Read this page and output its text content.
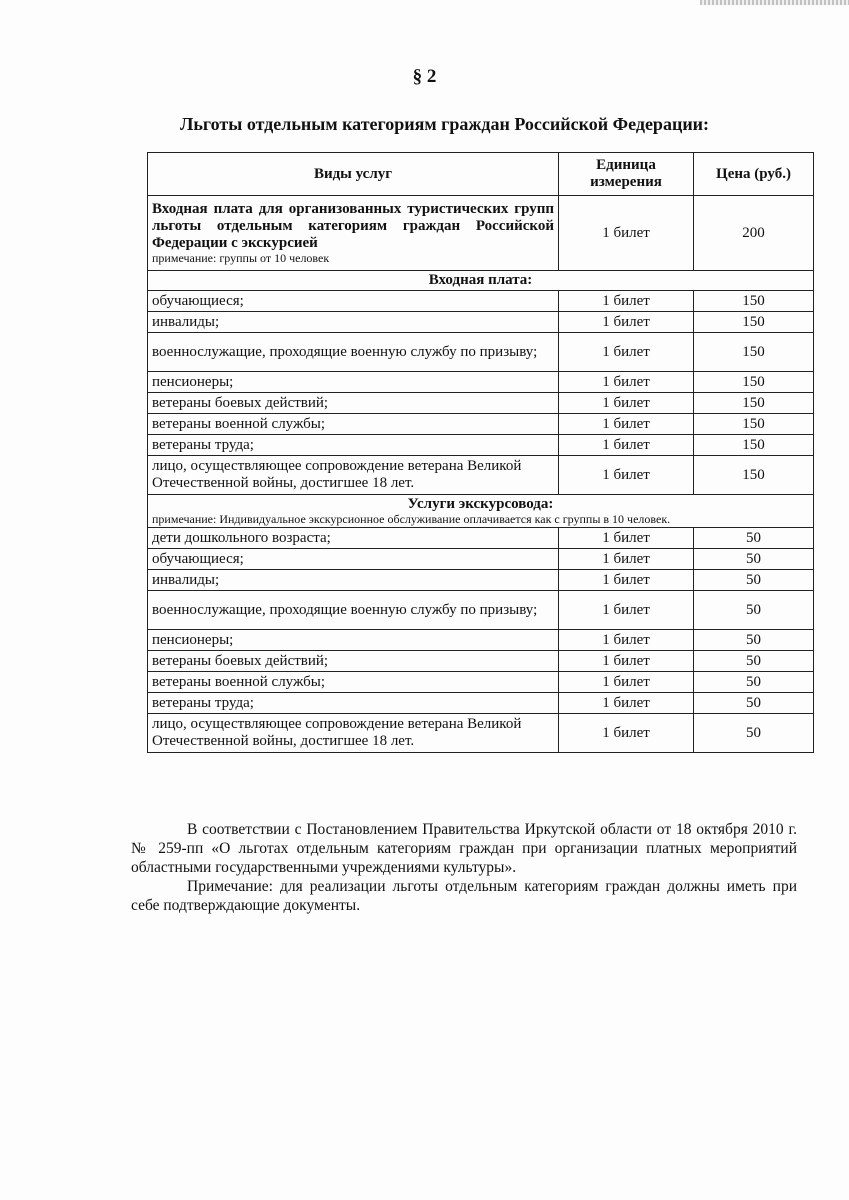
§ 2
Льготы отдельным категориям граждан Российской Федерации:
Виды услуг	Единица измерения	Цена (руб.)
Входная плата для организованных туристических групп льготы отдельным категориям граждан Российской Федерации с экскурсией
примечание: группы от 10 человек	1 билет	200
Входная плата:		
обучающиеся;	1 билет	150
инвалиды;	1 билет	150
военнослужащие, проходящие военную службу по призыву;	1 билет	150
пенсионеры;	1 билет	150
ветераны боевых действий;	1 билет	150
ветераны военной службы;	1 билет	150
ветераны труда;	1 билет	150
лицо, осуществляющее сопровождение ветерана Великой Отечественной войны, достигшее 18 лет.	1 билет	150
Услуги экскурсовода:
примечание: Индивидуальное экскурсионное обслуживание оплачивается как с группы в 10 человек.		

дети дошкольного возраста;	1 билет	50
обучающиеся;	1 билет	50
инвалиды;	1 билет	50
военнослужащие, проходящие военную службу по призыву;	1 билет	50
пенсионеры;	1 билет	50
ветераны боевых действий;	1 билет	50
ветераны военной службы;	1 билет	50
ветераны труда;	1 билет	50
лицо, осуществляющее сопровождение ветерана Великой Отечественной войны, достигшее 18 лет.	1 билет	50

В соответствии с Постановлением Правительства Иркутской области от 18 октября 2010 г. № 259-пп «О льготах отдельным категориям граждан при организации платных мероприятий областными государственными учреждениями культуры».

Примечание: для реализации льготы отдельным категориям граждан должны иметь при себе подтверждающие документы.
